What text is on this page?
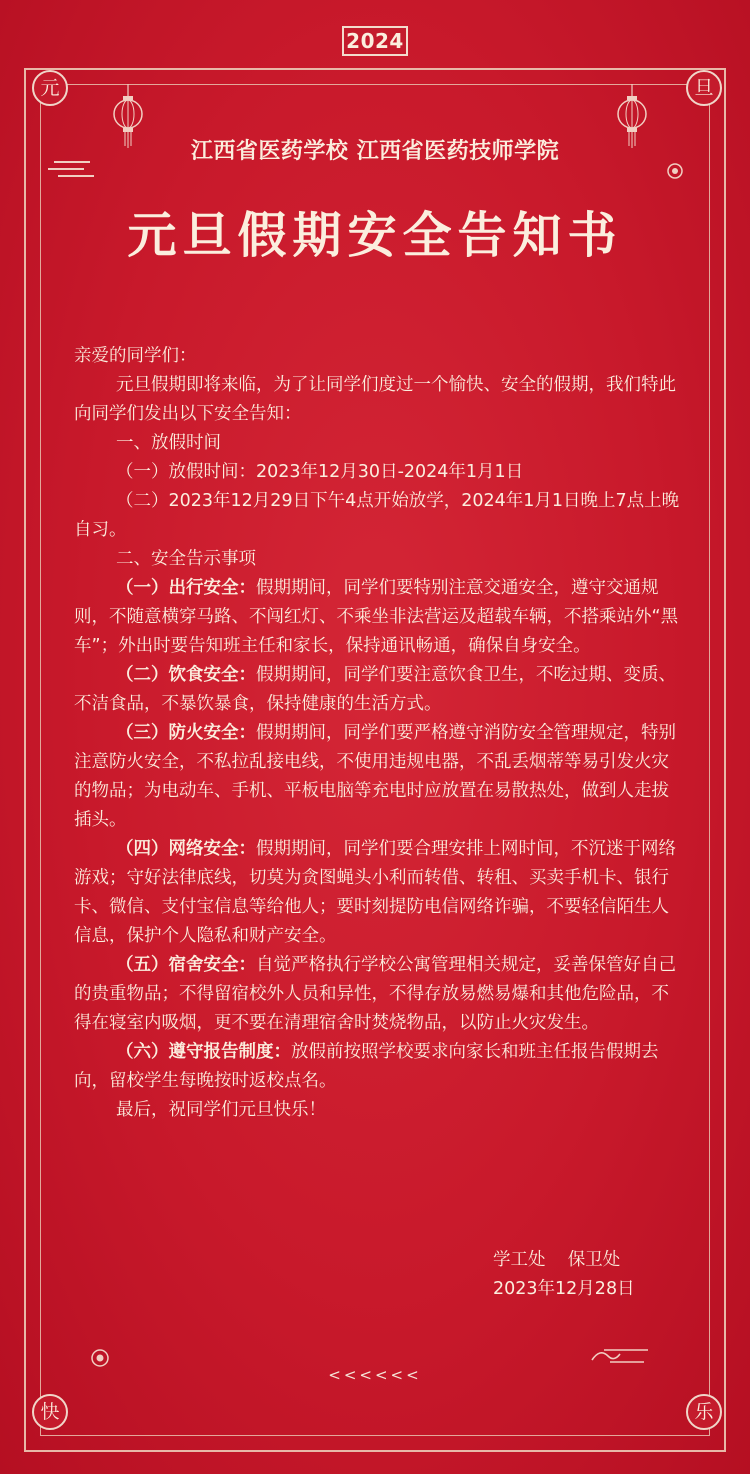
2024
元	旦
快	乐
江西省医药学校 江西省医药技师学院
元旦假期安全告知书

亲爱的同学们：

元旦假期即将来临，为了让同学们度过一个愉快、安全的假期，我们特此向同学们发出以下安全告知：

一、放假时间

（一）放假时间：2023年12月30日-2024年1月1日

（二）2023年12月29日下午4点开始放学，2024年1月1日晚上7点上晚自习。

二、安全告示事项

（一）出行安全：假期期间，同学们要特别注意交通安全，遵守交通规则，不随意横穿马路、不闯红灯、不乘坐非法营运及超载车辆，不搭乘站外“黑车”；外出时要告知班主任和家长，保持通讯畅通，确保自身安全。

（二）饮食安全：假期期间，同学们要注意饮食卫生，不吃过期、变质、不洁食品，不暴饮暴食，保持健康的生活方式。

（三）防火安全：假期期间，同学们要严格遵守消防安全管理规定，特别注意防火安全，不私拉乱接电线，不使用违规电器，不乱丢烟蒂等易引发火灾的物品；为电动车、手机、平板电脑等充电时应放置在易散热处，做到人走拔插头。

（四）网络安全：假期期间，同学们要合理安排上网时间，不沉迷于网络游戏；守好法律底线，切莫为贪图蝇头小利而转借、转租、买卖手机卡、银行卡、微信、支付宝信息等给他人；要时刻提防电信网络诈骗，不要轻信陌生人信息，保护个人隐私和财产安全。

（五）宿舍安全：自觉严格执行学校公寓管理相关规定，妥善保管好自己的贵重物品；不得留宿校外人员和异性，不得存放易燃易爆和其他危险品，不得在寝室内吸烟，更不要在清理宿舍时焚烧物品，以防止火灾发生。

（六）遵守报告制度：放假前按照学校要求向家长和班主任报告假期去向，留校学生每晚按时返校点名。

最后，祝同学们元旦快乐！

学工处    保卫处
2023年12月28日
<<<<<<
